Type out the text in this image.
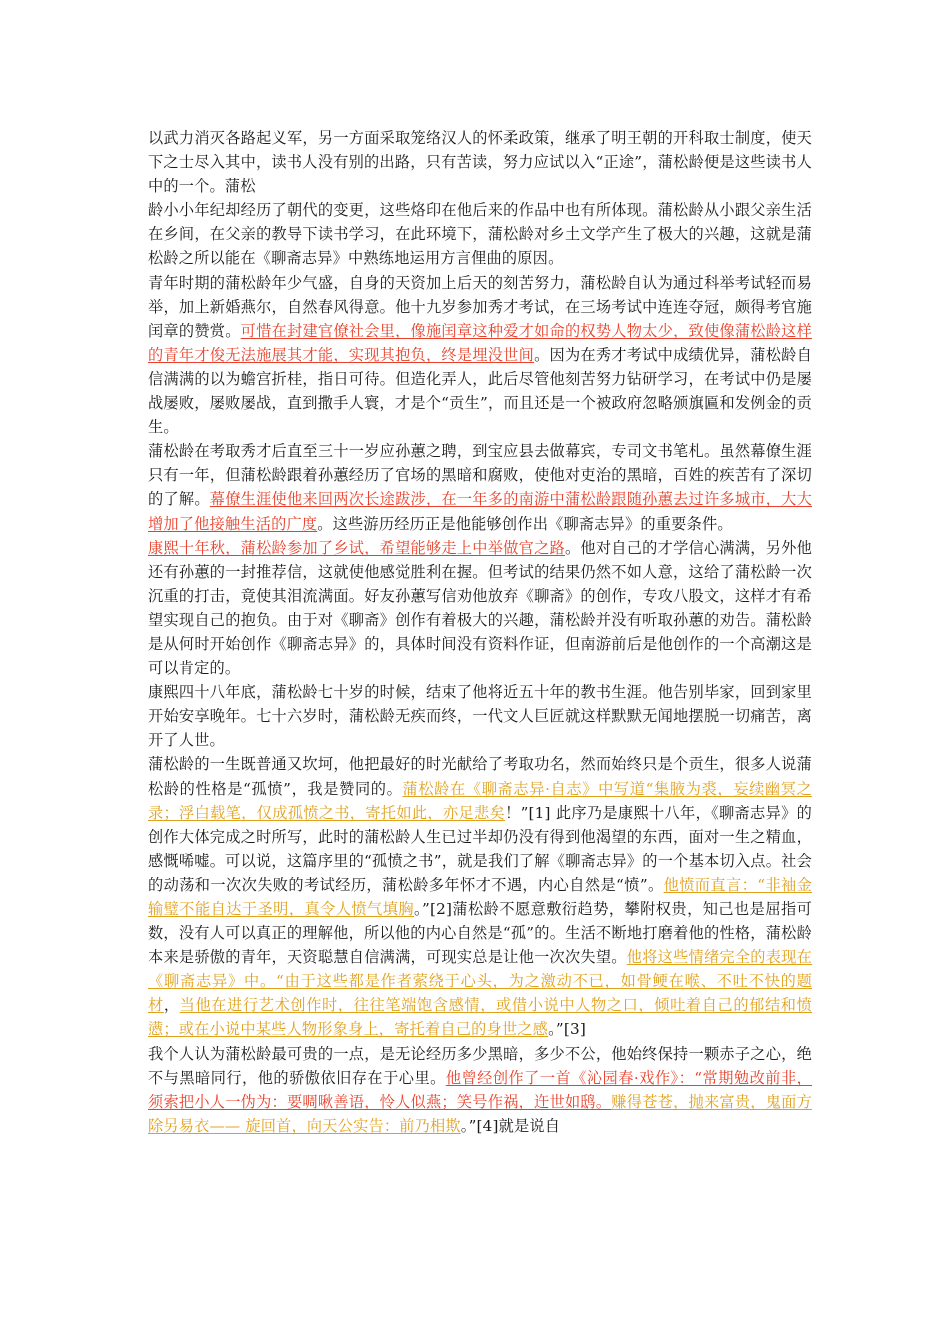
以武力消灭各路起义军，另一方面采取笼络汉人的怀柔政策，继承了明王朝的开科取士制度，使天下之士尽入其中，读书人没有别的出路，只有苦读，努力应试以入“正途”，蒲松龄便是这些读书人中的一个。蒲松

龄小小年纪却经历了朝代的变更，这些烙印在他后来的作品中也有所体现。蒲松龄从小跟父亲生活在乡间，在父亲的教导下读书学习，在此环境下，蒲松龄对乡土文学产生了极大的兴趣，这就是蒲松龄之所以能在《聊斋志异》中熟练地运用方言俚曲的原因。

青年时期的蒲松龄年少气盛，自身的天资加上后天的刻苦努力，蒲松龄自认为通过科举考试轻而易举，加上新婚燕尔，自然春风得意。他十九岁参加秀才考试，在三场考试中连连夺冠，颇得考官施闰章的赞赏。可惜在封建官僚社会里，像施闰章这种爱才如命的权势人物太少，致使像蒲松龄这样的青年才俊无法施展其才能，实现其抱负，终是埋没世间。因为在秀才考试中成绩优异，蒲松龄自信满满的以为蟾宫折桂，指日可待。但造化弄人，此后尽管他刻苦努力钻研学习，在考试中仍是屡战屡败，屡败屡战，直到撒手人寰，才是个“贡生”，而且还是一个被政府忽略颁旗匾和发例金的贡生。

蒲松龄在考取秀才后直至三十一岁应孙蕙之聘，到宝应县去做幕宾，专司文书笔札。虽然幕僚生涯只有一年，但蒲松龄跟着孙蕙经历了官场的黑暗和腐败，使他对吏治的黑暗，百姓的疾苦有了深切的了解。幕僚生涯使他来回两次长途跋涉，在一年多的南游中蒲松龄跟随孙蕙去过许多城市，大大增加了他接触生活的广度。这些游历经历正是他能够创作出《聊斋志异》的重要条件。

康熙十年秋，蒲松龄参加了乡试，希望能够走上中举做官之路。他对自己的才学信心满满，另外他还有孙蕙的一封推荐信，这就使他感觉胜利在握。但考试的结果仍然不如人意，这给了蒲松龄一次沉重的打击，竟使其泪流满面。好友孙蕙写信劝他放弃《聊斋》的创作，专攻八股文，这样才有希望实现自己的抱负。由于对《聊斋》创作有着极大的兴趣，蒲松龄并没有听取孙蕙的劝告。蒲松龄是从何时开始创作《聊斋志异》的，具体时间没有资料作证，但南游前后是他创作的一个高潮这是可以肯定的。

康熙四十八年底，蒲松龄七十岁的时候，结束了他将近五十年的教书生涯。他告别毕家，回到家里开始安享晚年。七十六岁时，蒲松龄无疾而终，一代文人巨匠就这样默默无闻地摆脱一切痛苦，离开了人世。

蒲松龄的一生既普通又坎坷，他把最好的时光献给了考取功名，然而始终只是个贡生，很多人说蒲松龄的性格是“孤愤”，我是赞同的。蒲松龄在《聊斋志异·自志》中写道“集腋为裘，妄续幽冥之录；浮白载笔，仅成孤愤之书，寄托如此，亦足悲矣！”[1] 此序乃是康熙十八年，《聊斋志异》的创作大体完成之时所写，此时的蒲松龄人生已过半却仍没有得到他渴望的东西，面对一生之精血，感慨唏嘘。可以说，这篇序里的“孤愤之书”，就是我们了解《聊斋志异》的一个基本切入点。社会的动荡和一次次失败的考试经历，蒲松龄多年怀才不遇，内心自然是“愤”。他愤而直言：“非袖金输璧不能自达于圣明，真令人愤气填胸。”[2]蒲松龄不愿意敷衍趋势，攀附权贵，知己也是屈指可数，没有人可以真正的理解他，所以他的内心自然是“孤”的。生活不断地打磨着他的性格，蒲松龄本来是骄傲的青年，天资聪慧自信满满，可现实总是让他一次次失望。他将这些情绪完全的表现在《聊斋志异》中。“由于这些都是作者萦绕于心头，为之激动不已，如骨鲠在喉、不吐不快的题材，当他在进行艺术创作时，往往笔端饱含感情，或借小说中人物之口，倾吐着自己的郁结和愤懑；或在小说中某些人物形象身上，寄托着自己的身世之感。”[3]

我个人认为蒲松龄最可贵的一点，是无论经历多少黑暗，多少不公，他始终保持一颗赤子之心，绝不与黑暗同行，他的骄傲依旧存在于心里。他曾经创作了一首《沁园春·戏作》：“常期勉改前非，须索把小人一伪为：要啁啾善语，怜人似燕；笑号作祸，迕世如鸱。赚得苍苍，抛来富贵，鬼面方除另易衣—— 旋回首，向天公实告：前乃相欺。”[4]就是说自
